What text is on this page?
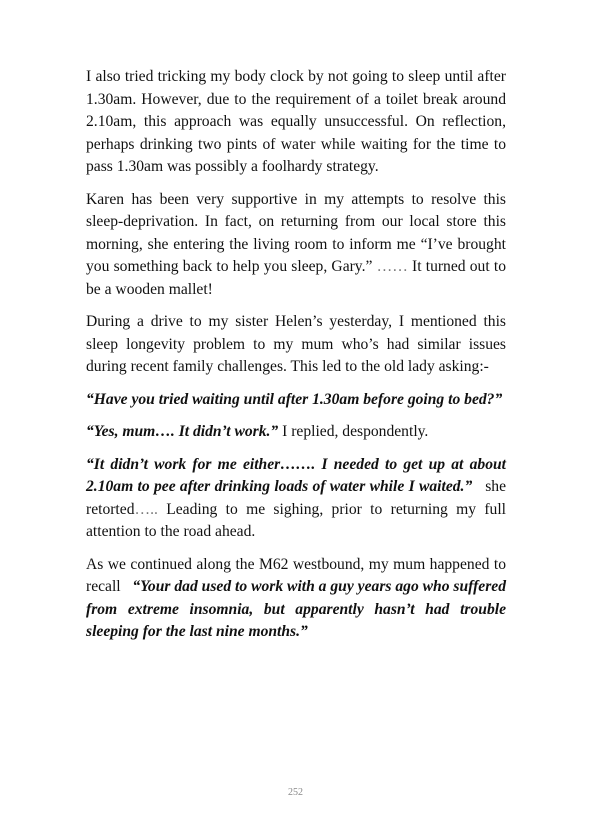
I also tried tricking my body clock by not going to sleep until after 1.30am. However, due to the requirement of a toilet break around 2.10am, this approach was equally unsuccessful. On reflection, perhaps drinking two pints of water while waiting for the time to pass 1.30am was possibly a foolhardy strategy.

Karen has been very supportive in my attempts to resolve this sleep-deprivation. In fact, on returning from our local store this morning, she entering the living room to inform me “I’ve brought you something back to help you sleep, Gary.” …… It turned out to be a wooden mallet!

During a drive to my sister Helen’s yesterday, I mentioned this sleep longevity problem to my mum who’s had similar issues during recent family challenges. This led to the old lady asking:-

“Have you tried waiting until after 1.30am before going to bed?”

“Yes, mum…. It didn’t work.” I replied, despondently.

“It didn’t work for me either……. I needed to get up at about 2.10am to pee after drinking loads of water while I waited.” she retorted….. Leading to me sighing, prior to returning my full attention to the road ahead.

As we continued along the M62 westbound, my mum happened to recall “Your dad used to work with a guy years ago who suffered from extreme insomnia, but apparently hasn’t had trouble sleeping for the last nine months.”

252
